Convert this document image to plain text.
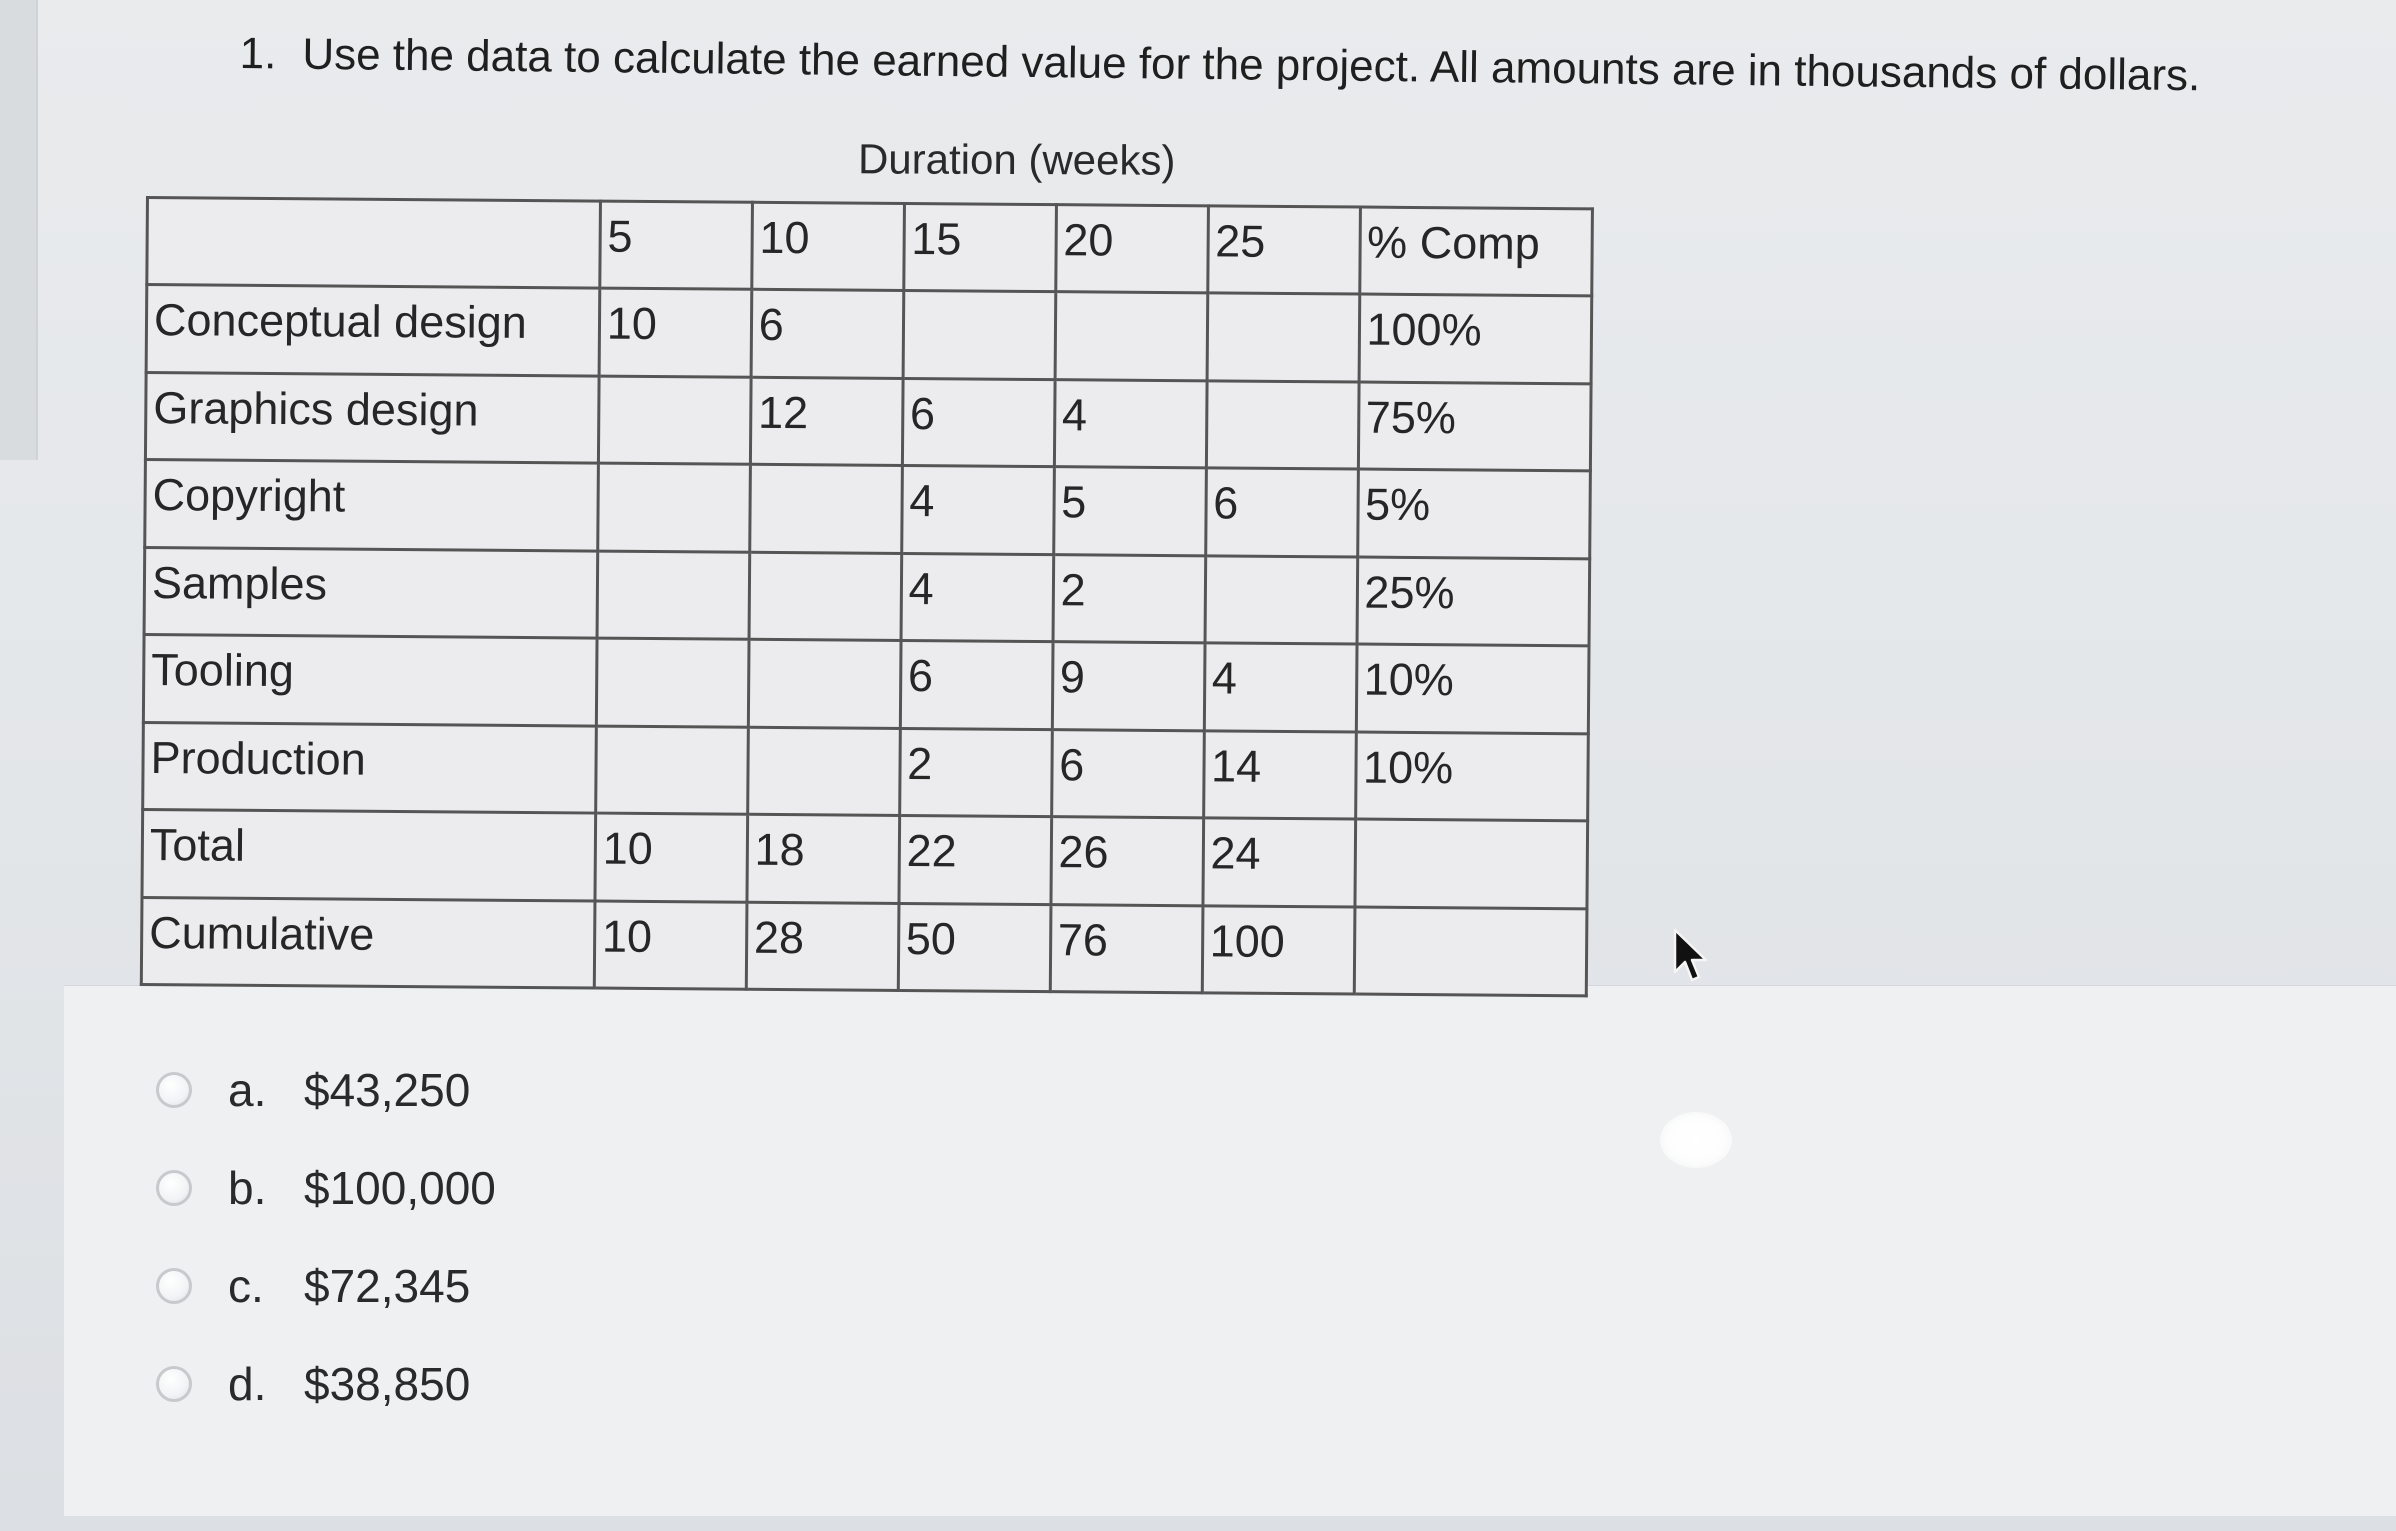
1. Use the data to calculate the earned value for the project. All amounts are in thousands of dollars.
Duration (weeks)
	5	10	15	20	25	% Comp
Conceptual design	10	6				100%
Graphics design		12	6	4		75%
Copyright			4	5	6	5%
Samples			4	2		25%
Tooling			6	9	4	10%
Production			2	6	14	10%
Total	10	18	22	26	24	
Cumulative	10	28	50	76	100	
a. $43,250
b. $100,000
c. $72,345
d. $38,850
